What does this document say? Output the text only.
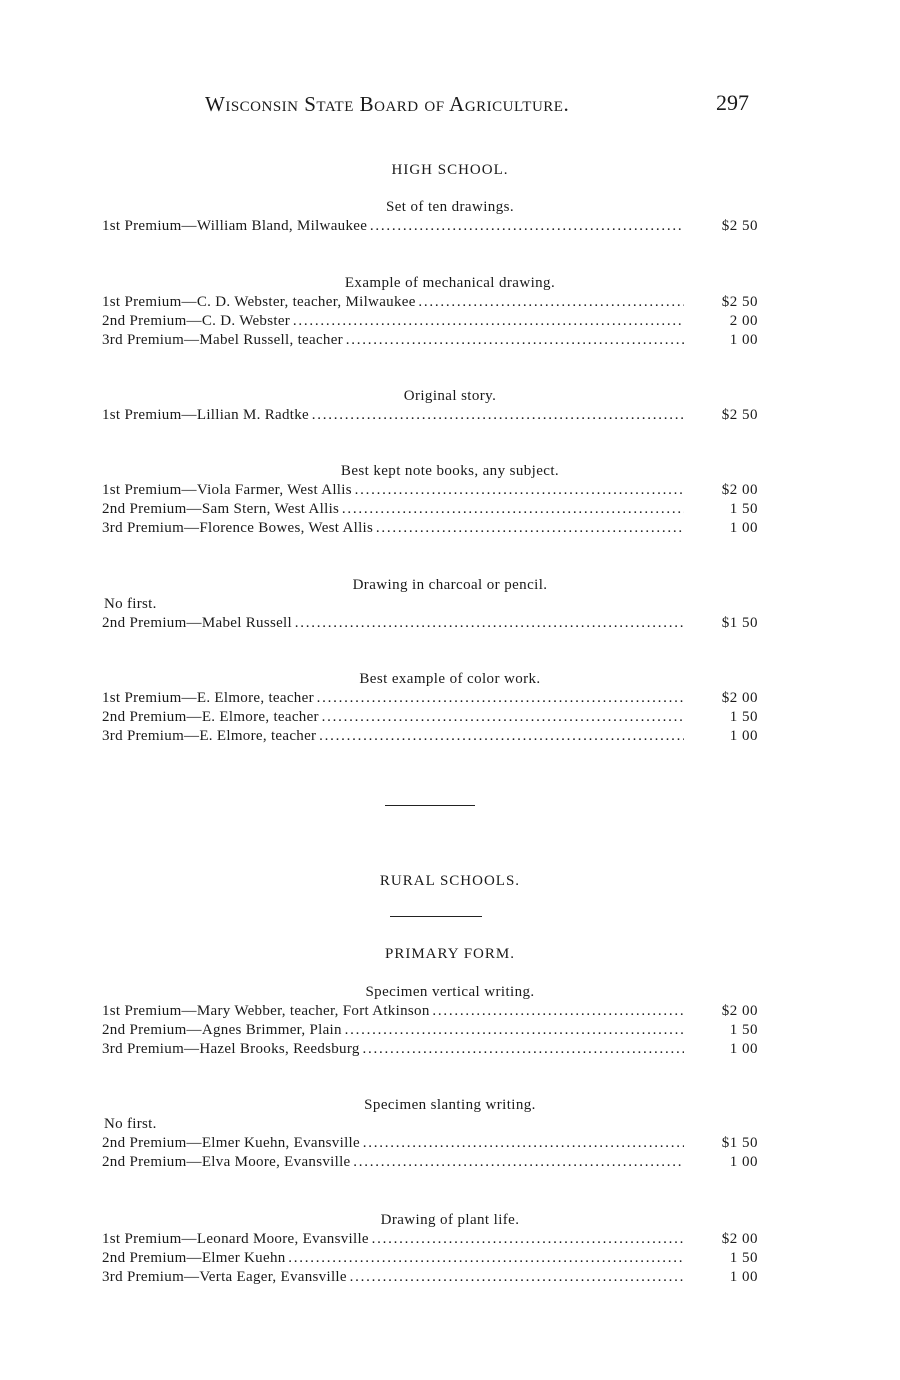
Wisconsin State Board of Agriculture.	297
HIGH SCHOOL.
Set of ten drawings.
1st Premium—William Bland, Milwaukee . . .	$2 50
Example of mechanical drawing.
1st Premium—C. D. Webster, teacher, Milwaukee . . .	$2 50
2nd Premium—C. D. Webster . . .	2 00
3rd Premium—Mabel Russell, teacher . . .	1 00
Original story.
1st Premium—Lillian M. Radtke . . .	$2 50
Best kept note books, any subject.
1st Premium—Viola Farmer, West Allis . . .	$2 00
2nd Premium—Sam Stern, West Allis . . .	1 50
3rd Premium—Florence Bowes, West Allis . . .	1 00
Drawing in charcoal or pencil.
No first.
2nd Premium—Mabel Russell . . .	$1 50
Best example of color work.
1st Premium—E. Elmore, teacher . . .	$2 00
2nd Premium—E. Elmore, teacher . . .	1 50
3rd Premium—E. Elmore, teacher . . .	1 00
RURAL SCHOOLS.
PRIMARY FORM.
Specimen vertical writing.
1st Premium—Mary Webber, teacher, Fort Atkinson . . .	$2 00
2nd Premium—Agnes Brimmer, Plain . . .	1 50
3rd Premium—Hazel Brooks, Reedsburg . . .	1 00
Specimen slanting writing.
No first.
2nd Premium—Elmer Kuehn, Evansville . . .	$1 50
2nd Premium—Elva Moore, Evansville . . .	1 00
Drawing of plant life.
1st Premium—Leonard Moore, Evansville . . .	$2 00
2nd Premium—Elmer Kuehn . . .	1 50
3rd Premium—Verta Eager, Evansville . . .	1 00
